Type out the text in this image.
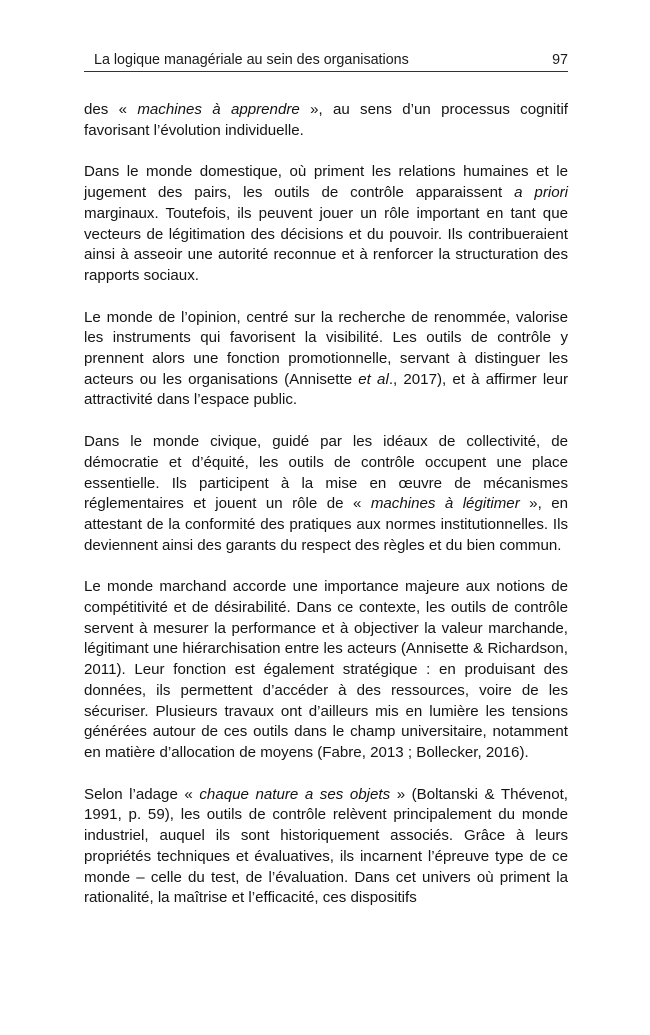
La logique managériale au sein des organisations	97

des « machines à apprendre », au sens d’un processus cognitif favorisant l’évolution individuelle.

Dans le monde domestique, où priment les relations humaines et le jugement des pairs, les outils de contrôle apparaissent a priori marginaux. Toutefois, ils peuvent jouer un rôle important en tant que vecteurs de légitimation des décisions et du pouvoir. Ils contribueraient ainsi à asseoir une autorité reconnue et à renforcer la structuration des rapports sociaux.

Le monde de l’opinion, centré sur la recherche de renommée, valorise les instruments qui favorisent la visibilité. Les outils de contrôle y prennent alors une fonction promotionnelle, servant à distinguer les acteurs ou les organisations (Annisette et al., 2017), et à affirmer leur attractivité dans l’espace public.

Dans le monde civique, guidé par les idéaux de collectivité, de démocratie et d’équité, les outils de contrôle occupent une place essentielle. Ils participent à la mise en œuvre de mécanismes réglementaires et jouent un rôle de « machines à légitimer », en attestant de la conformité des pratiques aux normes institutionnelles. Ils deviennent ainsi des garants du respect des règles et du bien commun.

Le monde marchand accorde une importance majeure aux notions de compétitivité et de désirabilité. Dans ce contexte, les outils de contrôle servent à mesurer la performance et à objectiver la valeur marchande, légitimant une hiérarchisation entre les acteurs (Annisette & Richardson, 2011). Leur fonction est également stratégique : en produisant des données, ils permettent d’accéder à des ressources, voire de les sécuriser. Plusieurs travaux ont d’ailleurs mis en lumière les tensions générées autour de ces outils dans le champ universitaire, notamment en matière d’allocation de moyens (Fabre, 2013 ; Bollecker, 2016).

Selon l’adage « chaque nature a ses objets » (Boltanski & Thévenot, 1991, p. 59), les outils de contrôle relèvent principalement du monde industriel, auquel ils sont historiquement associés. Grâce à leurs propriétés techniques et évaluatives, ils incarnent l’épreuve type de ce monde – celle du test, de l’évaluation. Dans cet univers où priment la rationalité, la maîtrise et l’efficacité, ces dispositifs
